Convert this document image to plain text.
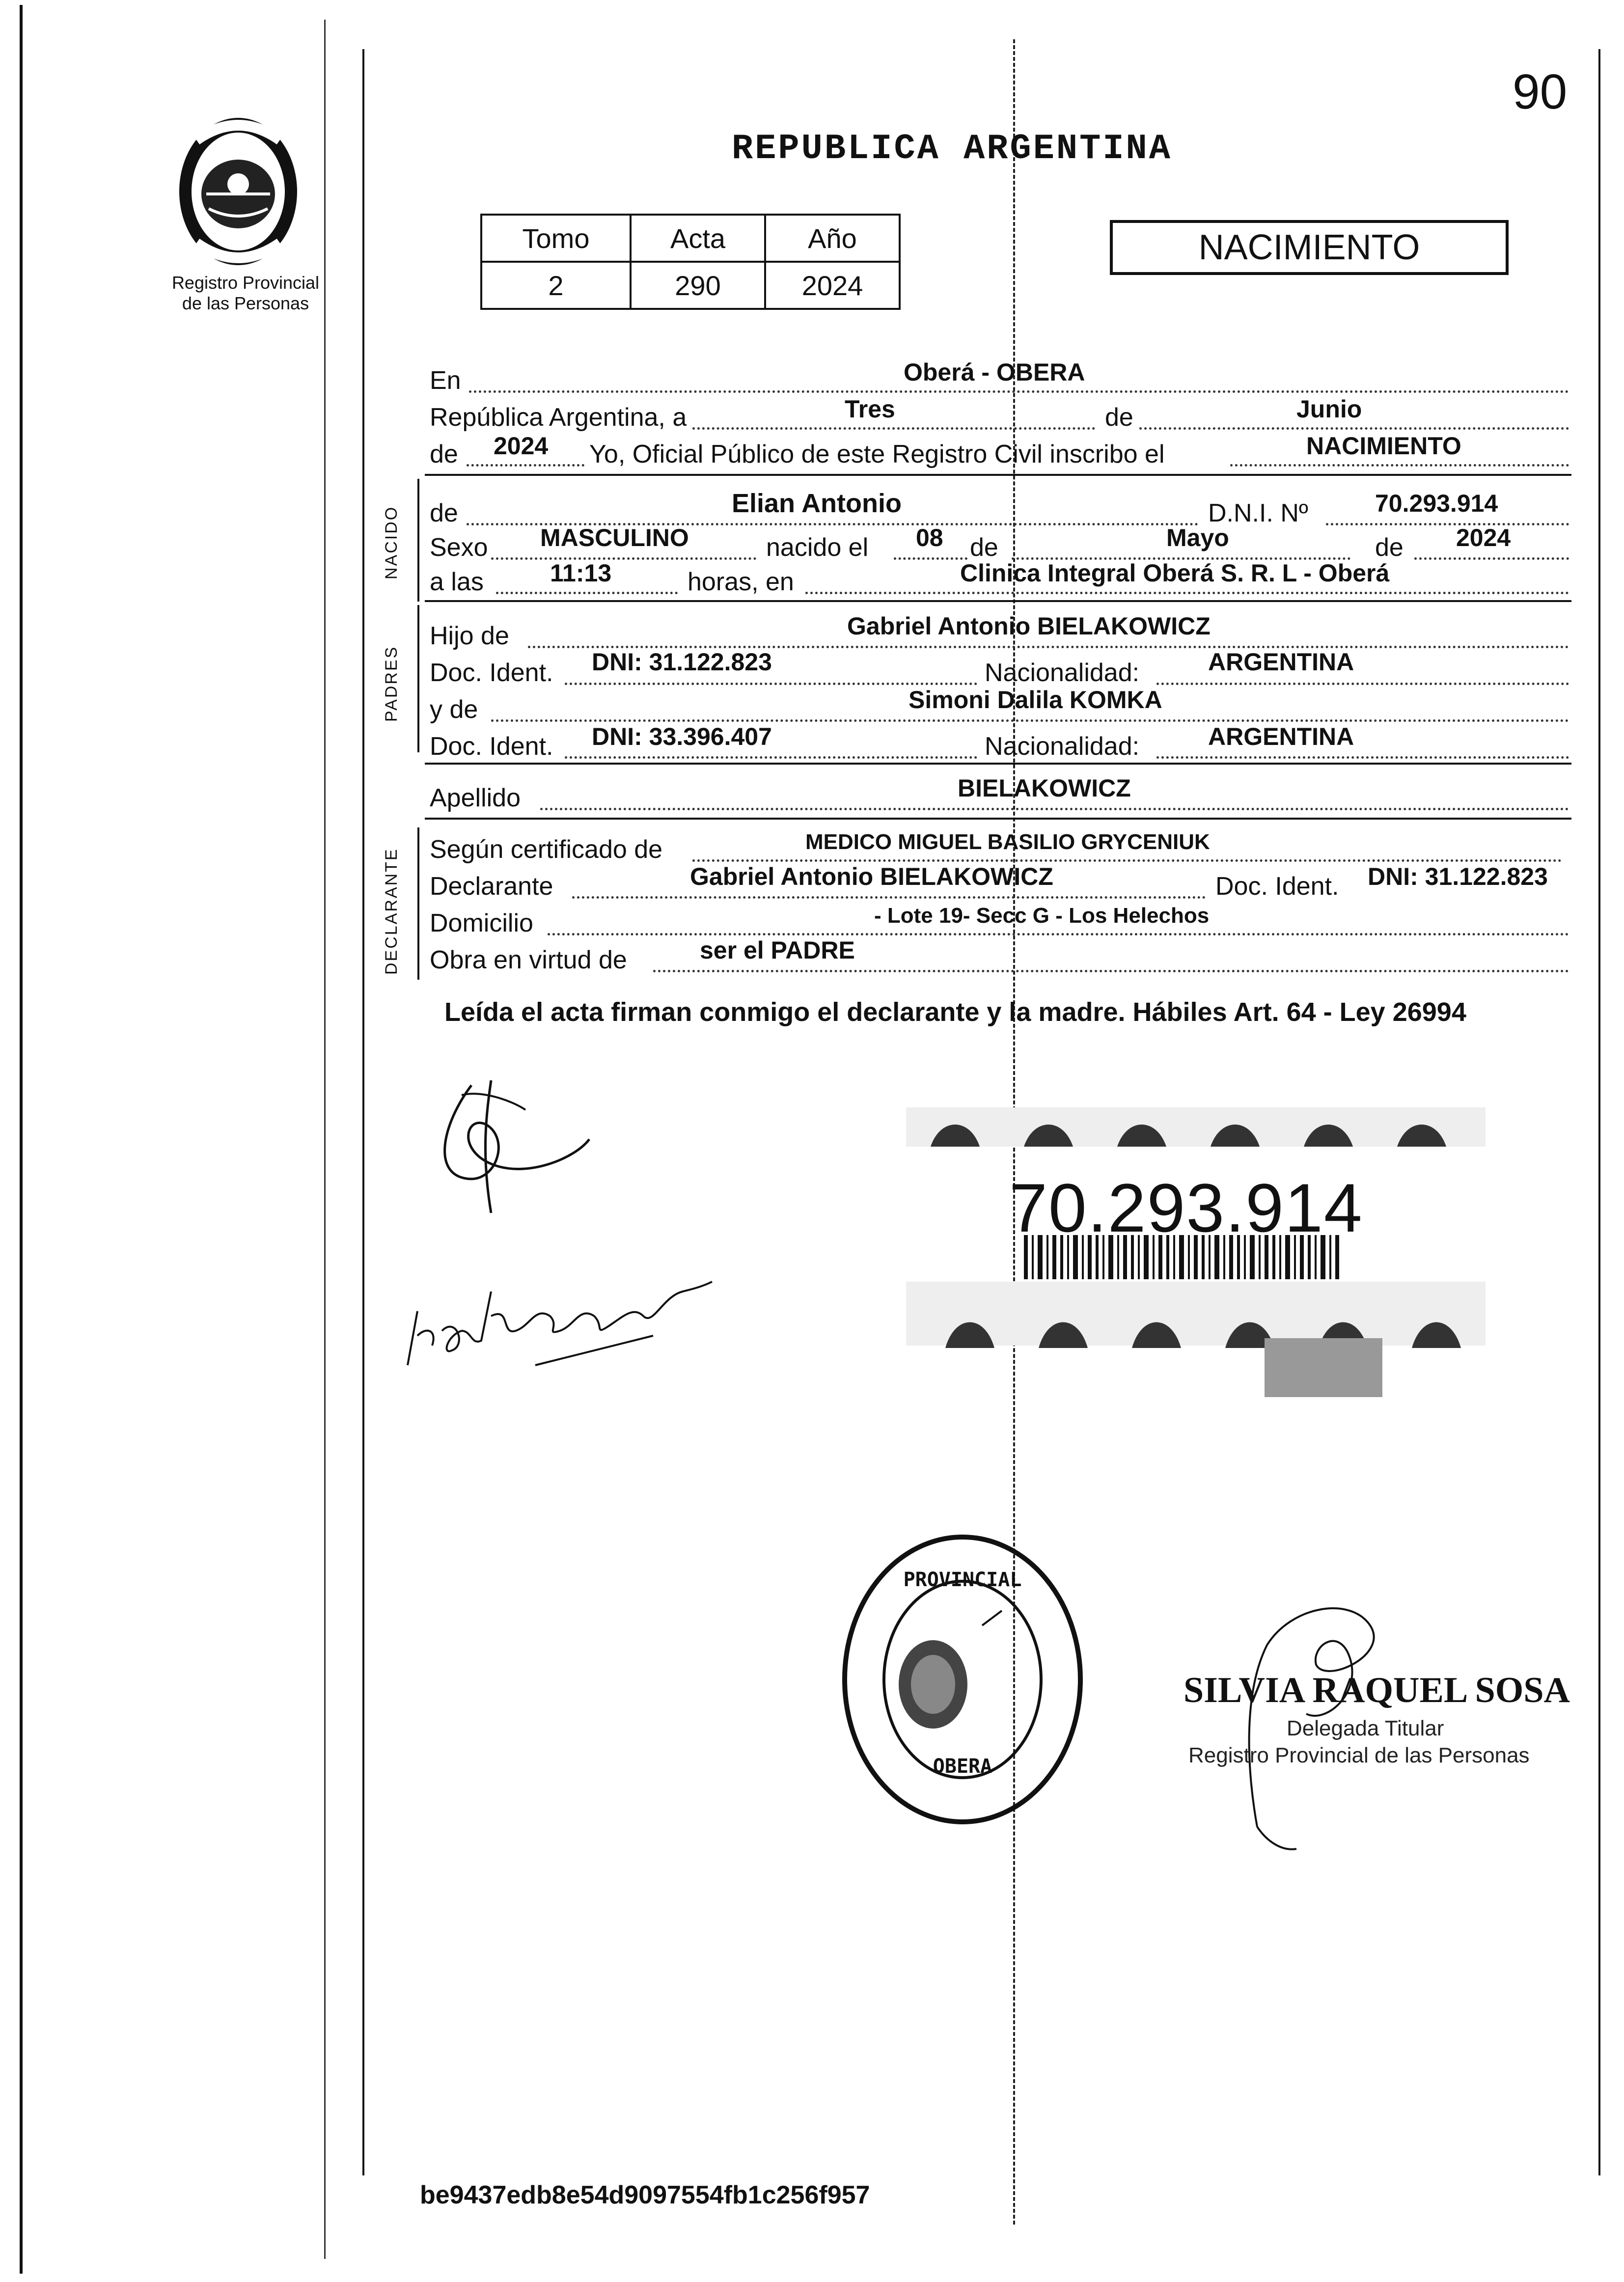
90
Registro Provincial
de las Personas
REPUBLICA ARGENTINA
Tomo	Acta	Año
2	290	2024
NACIMIENTO
En	Oberá - OBERA
República Argentina, a	Tres	de	Junio
de 2024 Yo, Oficial Público de este Registro Civil inscribo el	NACIMIENTO
NACIDO de	Elian Antonio	D.N.I. Nº	70.293.914
Sexo MASCULINO	nacido el 08 de	Mayo	de 2024
a las	11:13	horas, en	Clinica Integral Oberá S. R. L - Oberá
PADRES
Hijo de	Gabriel Antonio BIELAKOWICZ
Doc. Ident. DNI: 31.122.823	Nacionalidad:	ARGENTINA
y de	Simoni Dalila KOMKA
Doc. Ident. DNI: 33.396.407	Nacionalidad:	ARGENTINA
Apellido	BIELAKOWICZ
DECLARANTE Según certificado de	MEDICO MIGUEL BASILIO GRYCENIUK
Declarante	Gabriel Antonio BIELAKOWICZ	Doc. Ident. DNI: 31.122.823
Domicilio	- Lote 19- Secc G - Los Helechos
Obra en virtud de	ser el PADRE
Leída el acta firman conmigo el declarante y la madre. Hábiles Art. 64 - Ley 26994
70.293.914
PROVINCIAL
OBERA
SILVIA RAQUEL SOSA
Delegada Titular
Registro Provincial de las Personas
be9437edb8e54d9097554fb1c256f957
